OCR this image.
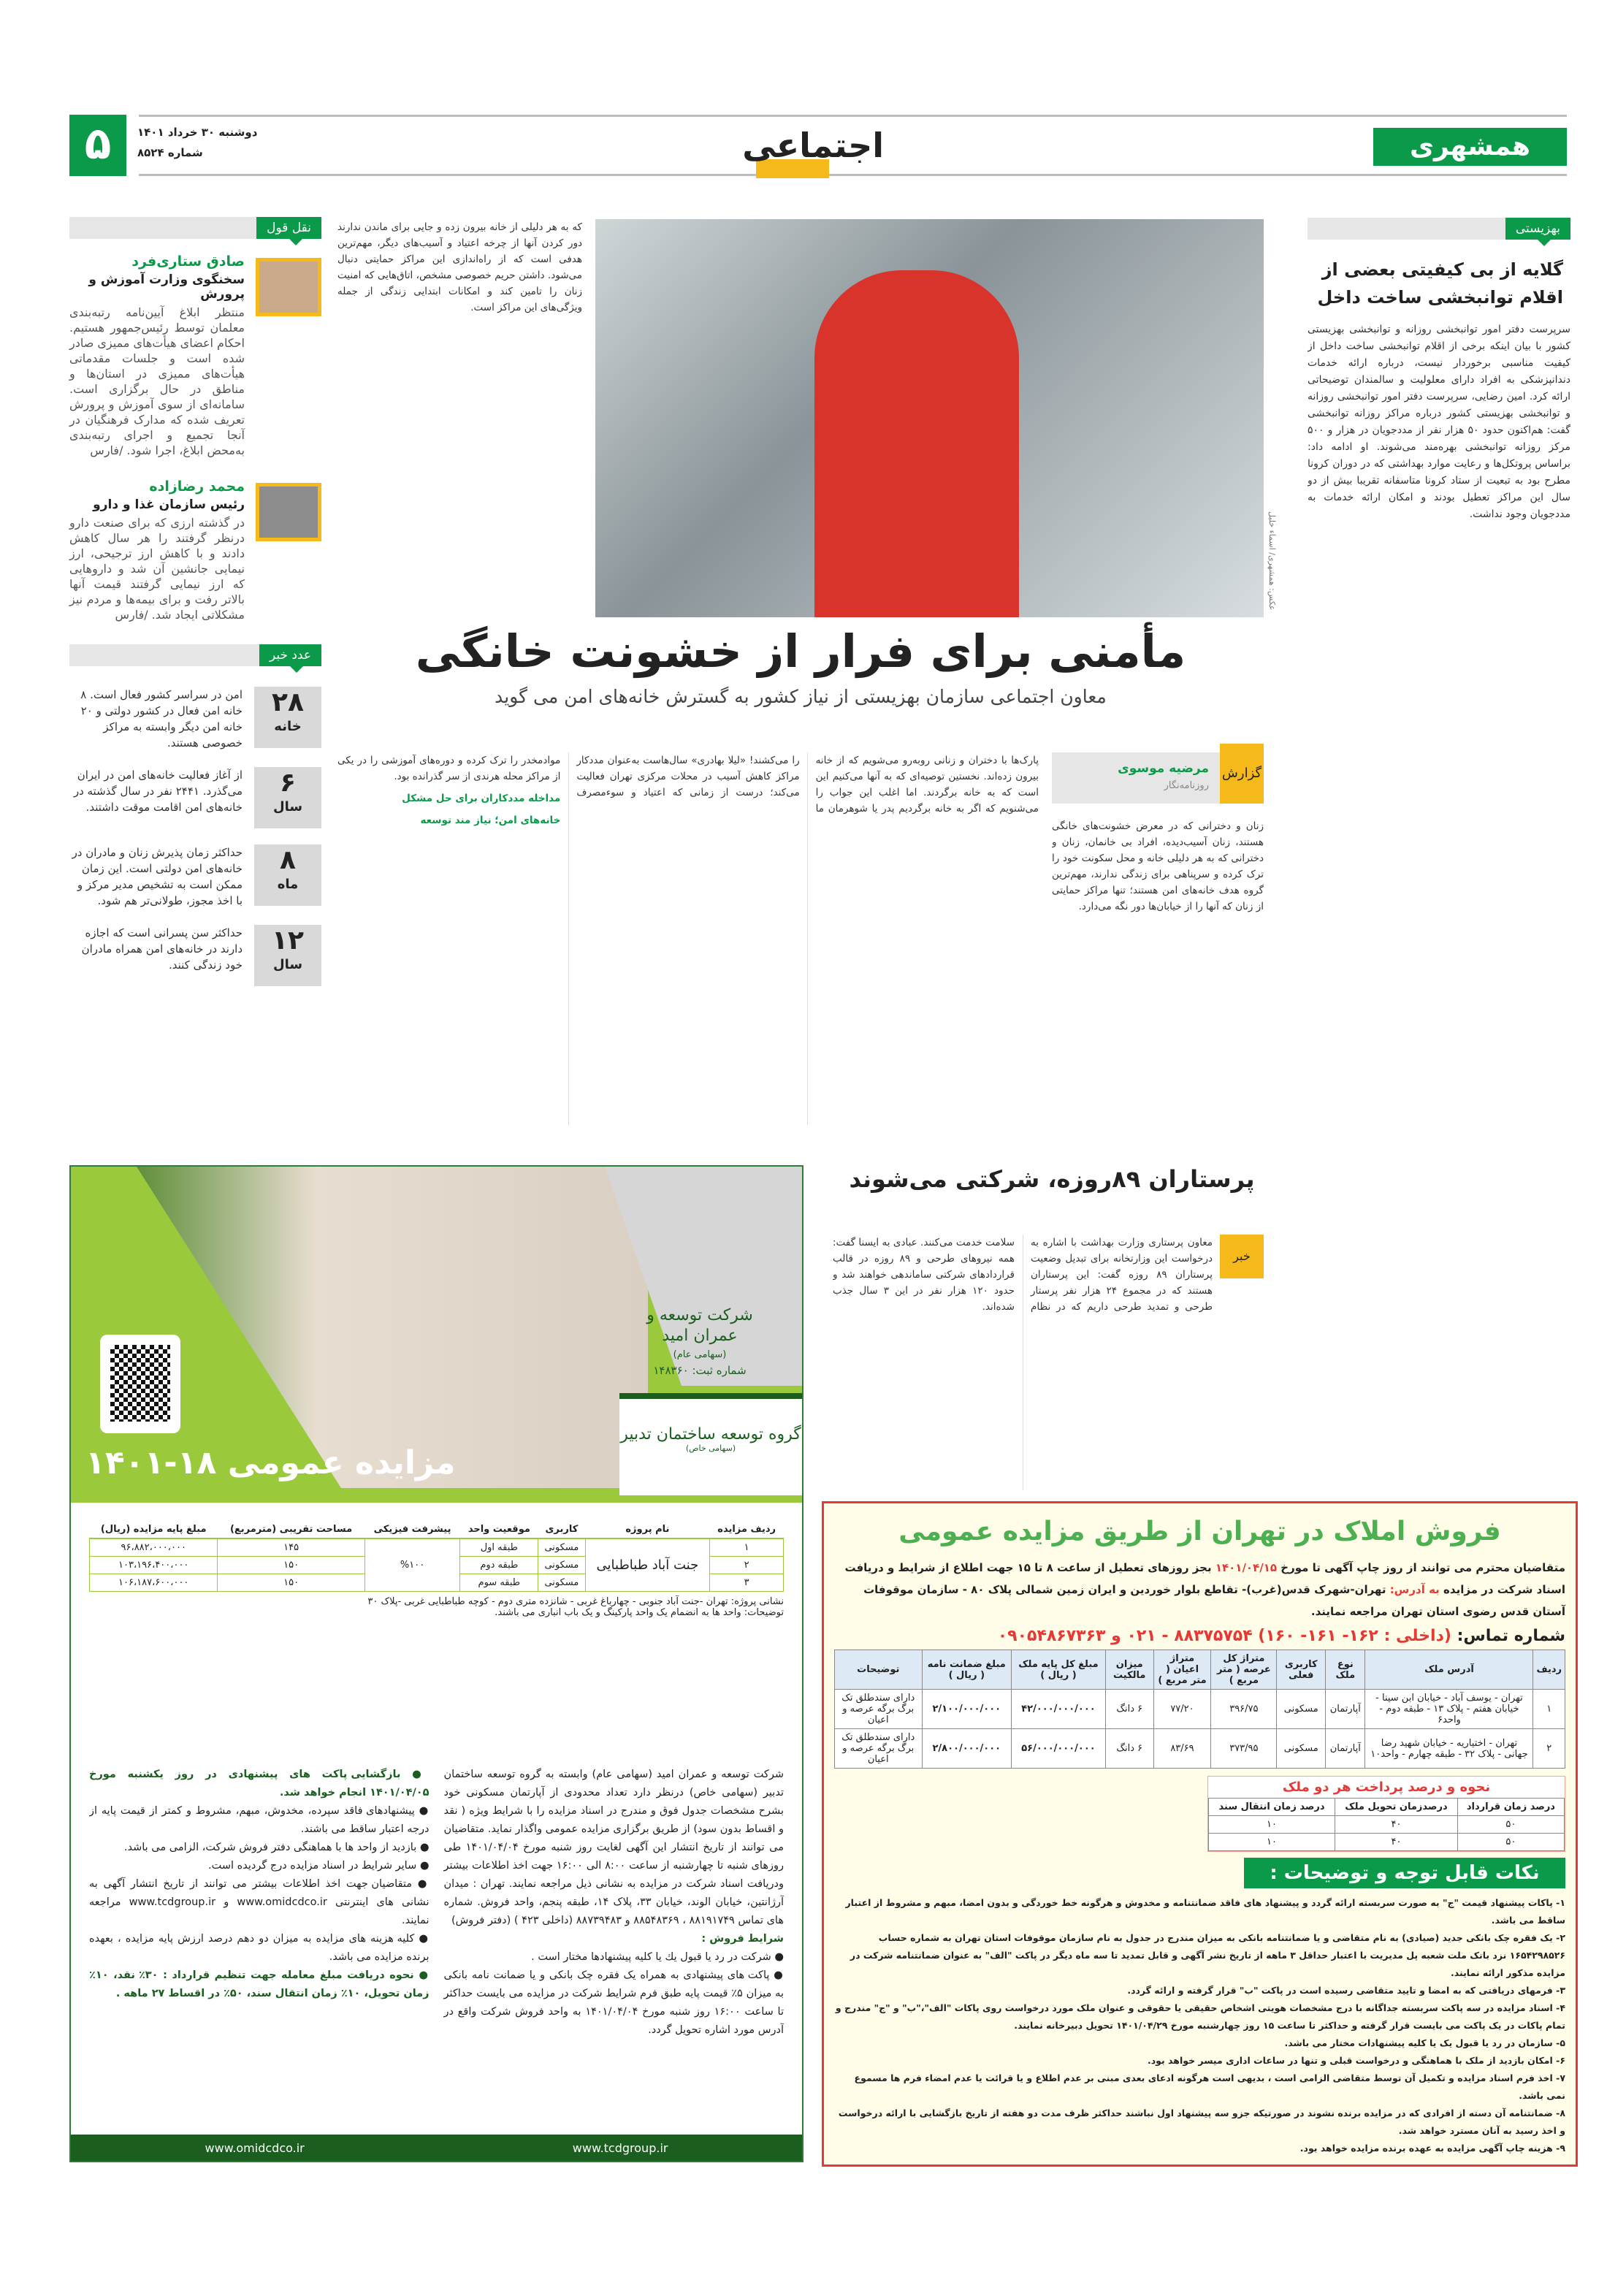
۵	دوشنبه ۳۰ خرداد ۱۴۰۱
شماره ۸۵۲۴	اجتماعی	همشهری
بهزیستی
گلایه از بی کیفیتی بعضی از اقلام توانبخشی ساخت داخل
سرپرست دفتر امور توانبخشی روزانه و توانبخشی بهزیستی کشور با بیان اینکه برخی از اقلام توانبخشی ساخت داخل از کیفیت مناسبی برخوردار نیست، درباره ارائه خدمات دندانپزشکی به افراد دارای معلولیت و سالمندان توضیحاتی ارائه کرد. امین رضایی، سرپرست دفتر امور توانبخشی روزانه و توانبخشی بهزیستی کشور درباره مراکز روزانه توانبخشی گفت: هم‌اکنون حدود ۵۰ هزار نفر از مددجویان در هزار و ۵۰۰ مرکز روزانه توانبخشی بهره‌مند می‌شوند. او ادامه داد: براساس پروتکل‌ها و رعایت موارد بهداشتی که در دوران کرونا مطرح بود به تبعیت از ستاد کرونا متاسفانه تقریبا بیش از دو سال این مراکز تعطیل بودند و امکان ارائه خدمات به مددجویان وجود نداشت.
نقل قول
صادق ستاری‌فرد
سخنگوی وزارت آموزش و پرورش
منتظر ابلاغ آیین‌نامه رتبه‌بندی معلمان توسط رئیس‌جمهور هستیم. احکام اعضای هیأت‌های ممیزی صادر شده است و جلسات مقدماتی هیأت‌های ممیزی در استان‌ها و مناطق در حال برگزاری است. سامانه‌ای از سوی آموزش و پرورش تعریف شده که مدارک فرهنگیان در آنجا تجمیع و اجرای رتبه‌بندی به‌محض ابلاغ، اجرا شود. /فارس
محمد رضازاده
رئیس سازمان غذا و دارو
در گذشته ارزی که برای صنعت دارو درنظر گرفتند را هر سال کاهش دادند و با کاهش ارز ترجیحی، ارز نیمایی جانشین آن شد و داروهایی که ارز نیمایی گرفتند قیمت آنها بالاتر رفت و برای بیمه‌ها و مردم نیز مشکلاتی ایجاد شد. /فارس
عدد خبر
۲۸
خانه
امن در سراسر کشور فعال است. ۸ خانه امن فعال در کشور دولتی و ۲۰ خانه امن دیگر وابسته به مراکز خصوصی هستند.
۶
سال
از آغاز فعالیت خانه‌های امن در ایران می‌گذرد. ۲۴۴۱ نفر در سال گذشته در خانه‌های امن اقامت موقت داشتند.
۸
ماه
حداکثر زمان پذیرش زنان و مادران در خانه‌های امن دولتی است. این زمان ممکن است به تشخیص مدیر مرکز و با اخذ مجوز، طولانی‌تر هم شود.
۱۲
سال
حداکثر سن پسرانی است که اجازه دارند در خانه‌های امن همراه مادران خود زندگی کنند.
که به هر دلیلی از خانه بیرون زده و جایی برای ماندن ندارند دور کردن آنها از چرخه اعتیاد و آسیب‌های دیگر، مهم‌ترین هدفی است که از راه‌اندازی این مراکز حمایتی دنبال می‌شود. داشتن حریم خصوصی مشخص، اتاق‌هایی که امنیت زنان را تامین کند و امکانات ابتدایی زندگی از جمله ویژگی‌های این مراکز است.
عکس: همشهری/ اسماء خلیل
مأمنی برای فرار از خشونت خانگی
معاون اجتماعی سازمان بهزیستی از نیاز کشور به گسترش خانه‌های امن می گوید
گزارش
مرضیه موسوی
روزنامه‌نگار
زنان و دخترانی که در معرض خشونت‌های خانگی هستند، زنان آسیب‌دیده، افراد بی خانمان، زنان و دخترانی که به هر دلیلی خانه و محل سکونت خود را ترک کرده و سرپناهی برای زندگی ندارند، مهم‌ترین گروه هدف خانه‌های امن هستند؛ تنها مراکز حمایتی از زنان که آنها را از خیابان‌ها دور نگه می‌دارد.
پارک‌ها با دختران و زنانی روبه‌رو می‌شویم که از خانه بیرون زده‌اند. نخستین توصیه‌ای که به آنها می‌کنیم این است که به خانه برگردند. اما اغلب این جواب را می‌شنویم که اگر به خانه برگردیم پدر یا شوهرمان ما را می‌کشند! «لیلا بهادری» سال‌هاست به‌عنوان مددکار مراکز کاهش آسیب در محلات مرکزی تهران فعالیت می‌کند؛ درست از زمانی که اعتیاد و سوءمصرف موادمخدر را ترک کرده و دوره‌های آموزشی را در یکی از مراکز محله هرندی از سر گذرانده بود.
مداخله مددکاران برای حل مشکل
خانه‌های امن؛ نیاز مند توسعه
پرستاران ۸۹روزه، شرکتی می‌شوند
خبر
معاون پرستاری وزارت بهداشت با اشاره به درخواست این وزارتخانه برای تبدیل وضعیت پرستاران ۸۹ روزه گفت: این پرستاران هستند که در مجموع ۲۴ هزار نفر پرستار طرحی و تمدید طرحی داریم که در نظام سلامت خدمت می‌کنند. عبادی به ایسنا گفت: همه نیروهای طرحی و ۸۹ روزه در قالب قراردادهای شرکتی ساماندهی خواهند شد و حدود ۱۲۰ هزار نفر در این ۳ سال جذب شده‌اند.
شرکت توسعه و عمران امید
(سهامی عام)
شماره ثبت: ۱۴۸۳۶۰
گروه توسعه ساختمان تدبیر
(سهامی خاص)
مزایده عمومی ۱۸-۱۴۰۱
ردیف مزایده	نام پروژه	کاربری	موقعیت واحد	پیشرفت فیزیکی	مساحت تقریبی (مترمربع)	مبلغ پایه مزایده (ریال)
۱	جنت آباد طباطبایی	مسکونی	طبقه اول	%۱۰۰	۱۴۵	۹۶،۸۸۲،۰۰۰،۰۰۰
۲		مسکونی	طبقه دوم		۱۵۰	۱۰۳،۱۹۶،۴۰۰،۰۰۰
۳		مسکونی	طبقه سوم		۱۵۰	۱۰۶،۱۸۷،۶۰۰،۰۰۰
نشانی پروژه: تهران -جنت آباد جنوبی - چهارباغ غربی - شانزده متری دوم - کوچه طباطبایی غربی -پلاک ۳۰
توضیحات: واحد ها به انضمام یک واحد پارکینگ و یک باب انباری می باشند.
شرکت توسعه و عمران امید (سهامی عام) وابسته به گروه توسعه ساختمان تدبیر (سهامی خاص) درنظر دارد تعداد محدودی از آپارتمان مسکونی خود بشرح مشخصات جدول فوق و مندرج در اسناد مزایده را با شرایط ویژه ( نقد و اقساط بدون سود) از طریق برگزاری مزایده عمومی واگذار نماید. متقاضیان می توانند از تاریخ انتشار این آگهی لغایت روز شنبه مورخ ۱۴۰۱/۰۴/۰۴ طی روزهای شنبه تا چهارشنبه از ساعت ۸:۰۰ الی ۱۶:۰۰ جهت اخذ اطلاعات بیشتر ودریافت اسناد شرکت در مزایده به نشانی ذیل مراجعه نمایند. تهران : میدان آرژانتین، خیابان الوند، خیابان ۳۳، پلاک ۱۴، طبقه پنجم، واحد فروش. شماره های تماس ۸۸۱۹۱۷۴۹ ، ۸۸۵۴۸۳۶۹ و ۸۸۷۳۹۴۸۳ (داخلی ۴۲۳ ) (دفتر فروش)
شرایط فروش :
● شرکت در رد یا قبول یك یا کلیه پیشنهادها مختار است .
● پاکت های پیشنهادی به همراه یک فقره چک بانکی و یا ضمانت نامه بانکی به میزان ۵٪ قیمت پایه طبق فرم شرایط شرکت در مزایده می بایست حداکثر تا ساعت ۱۶:۰۰ روز شنبه مورخ ۱۴۰۱/۰۴/۰۴ به واحد فروش شرکت واقع در آدرس مورد اشاره تحویل گردد.
● بازگشایی پاکت های پیشنهادی در روز یکشنبه مورخ ۱۴۰۱/۰۴/۰۵ انجام خواهد شد.
● پیشنهادهای فاقد سپرده، مخدوش، مبهم، مشروط و کمتر از قیمت پایه از درجه اعتبار ساقط می باشند.
● بازدید از واحد ها با هماهنگی دفتر فروش شرکت، الزامی می باشد.
● سایر شرایط در اسناد مزایده درج گردیده است.
● متقاضیان جهت اخذ اطلاعات بیشتر می توانند از تاریخ انتشار آگهی به نشانی های اینترنتی www.omidcdco.ir و www.tcdgroup.ir مراجعه نمایند.
● کلیه هزینه های مزایده به میزان دو دهم درصد ارزش پایه مزایده ، بعهده برنده مزایده می باشد.
● نحوه دریافت مبلغ معامله جهت تنظیم قرارداد : ۳۰٪ نقد، ۱۰٪ زمان تحویل، ۱۰٪ زمان انتقال سند، ۵۰٪ در اقساط ۲۷ ماهه .
www.omidcdco.ir	www.tcdgroup.ir
فروش املاک در تهران از طریق مزایده عمومی
متقاضیان محترم می توانند از روز چاپ آگهی تا مورخ ۱۴۰۱/۰۴/۱۵ بجز روزهای تعطیل از ساعت ۸ تا ۱۵ جهت اطلاع از شرایط و دریافت اسناد شرکت در مزایده به آدرس: تهران-شهرک قدس(غرب)- تقاطع بلوار خوردین و ایران زمین شمالی پلاک ۸۰ - سازمان موقوفات آستان قدس رضوی استان تهران مراجعه نمایند.
شماره تماس: (داخلی : ۱۶۲- ۱۶۱- ۱۶۰) ۸۸۳۷۵۷۵۴ - ۰۲۱ و ۰۹۰۵۴۸۶۷۳۶۳
ردیف	آدرس ملک	نوع ملک	کاربری فعلی	متراژ کل عرصه ( متر مربع )	متراژ اعیان ( متر مربع )	میزان مالکیت	مبلغ کل پایه ملک ( ریال )	مبلغ ضمانت نامه ( ریال )	توضیحات
۱	تهران - یوسف آباد - خیابان ابن سینا - خیابان هفتم - پلاک ۱۳ - طبقه دوم - واحد۶	آپارتمان	مسکونی	۳۹۶/۷۵	۷۷/۲۰	۶ دانگ	۴۲/۰۰۰/۰۰۰/۰۰۰	۲/۱۰۰/۰۰۰/۰۰۰	دارای سندطلق تک برگ برگه عرصه و اعیان
۲	تهران - اختیاریه - خیابان شهید رضا جهانی - پلاک ۳۲ - طبقه چهارم - واحد۱۰	آپارتمان	مسکونی	۳۷۳/۹۵	۸۳/۶۹	۶ دانگ	۵۶/۰۰۰/۰۰۰/۰۰۰	۲/۸۰۰/۰۰۰/۰۰۰	دارای سندطلق تک برگ برگه عرصه و اعیان
نحوه و درصد پرداخت هر دو ملک
درصد زمان قرارداد	درصدزمان تحویل ملک	درصد زمان انتقال سند
۵۰	۴۰	۱۰
۵۰	۴۰	۱۰
نکات قابل توجه و توضیحات :
۱- پاکات پیشنهاد قیمت "ج" به صورت سربسته ارائه گردد و پیشنهاد های فاقد ضمانتنامه و مخدوش و هرگونه خط خوردگی و بدون امضا، مبهم و مشروط از اعتبار ساقط می باشد.
۲- یک فقره چک بانکی جدید (صیادی) به نام متقاضی و یا ضمانتنامه بانکی به میزان مندرج در جدول به نام سازمان موقوفات استان تهران به شماره حساب ۱۶۵۴۲۹۸۵۲۶ نزد بانک ملت شعبه پل مدیریت با اعتبار حداقل ۳ ماهه از تاریخ نشر آگهی و قابل تمدید تا سه ماه دیگر در پاکت "الف" به عنوان ضمانتنامه شرکت در مزایده مذکور ارائه نمایند.
۳- فرمهای دریافتی که به امضا و تایید متقاضی رسیده است در پاکت "ب" قرار گرفته و ارائه گردد.
۴- اسناد مزایده در سه پاکت سربسته جداگانه با درج مشخصات هویتی اشخاص حقیقی یا حقوقی و عنوان ملک مورد درخواست روی پاکات "الف"،"ب" و "ج" مندرج و تمام پاکات در یک پاکت می بایست قرار گرفته و حداکثر تا ساعت ۱۵ روز چهارشنبه مورخ ۱۴۰۱/۰۴/۲۹ تحویل دبیرخانه نمایند.
۵- سازمان در رد یا قبول یک یا کلیه پیشنهادات مختار می باشد.
۶- امکان بازدید از ملک با هماهنگی و درخواست قبلی و تنها در ساعات اداری میسر خواهد بود.
۷- اخذ فرم اسناد مزایده و تکمیل آن توسط متقاضی الزامی است ، بدیهی است هرگونه ادعای بعدی مبنی بر عدم اطلاع و یا قرائت یا عدم امضاء فرم ها مسموع نمی باشد.
۸- ضمانتنامه آن دسته از افرادی که در مزایده برنده نشوند در صورتیکه جزو سه پیشنهاد اول نباشند حداکثر ظرف مدت دو هفته از تاریخ بازگشایی با ارائه درخواست و اخذ رسید به آنان مسترد خواهد شد.
۹- هزینه چاپ آگهی مزایده به عهده برنده مزایده خواهد بود.
